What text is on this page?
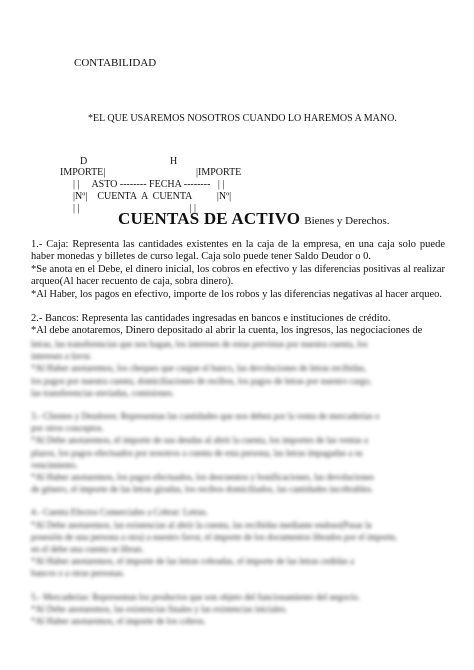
CONTABILIDAD
*EL QUE USAREMOS NOSOTROS CUANDO LO HAREMOS A MANO.
D	H
IMPORTE|	|IMPORTE
| |     ASTO -------- FECHA --------   | |
|Nº|    CUENTA  A  CUENTA          |Nº|
| |                                            | |
CUENTAS DE ACTIVO Bienes y Derechos.

1.- Caja: Representa las cantidades existentes en la caja de la empresa, en una caja solo puede haber monedas y billetes de curso legal. Caja solo puede tener Saldo Deudor o 0.

*Se anota en el Debe, el dinero inicial, los cobros en efectivo y las diferencias positivas al realizar arqueo(Al hacer recuento de caja, sobra dinero).

*Al Haber, los pagos en efectivo, importe de los robos y las diferencias negativas al hacer arqueo.

2.- Bancos: Representa las cantidades ingresadas en bancos e instituciones de crédito.

*Al debe anotaremos, Dinero depositado al abrir la cuenta, los ingresos, las negociaciones de

letras, las transferencias que nos hagan, los intereses de estas previstas por nuestra cuenta, los

intereses a favor.

*Al Haber anotaremos, los cheques que cargue el banco, las devoluciones de letras recibidas,

los pagos por nuestra cuenta, domiciliaciones de recibos, los pagos de letras por nuestro cargo,

las transferencias enviadas, comisiones.

3.- Clientes y Deudores: Representan las cantidades que nos deben por la venta de mercaderías o

por otros conceptos.

*Al Debe anotaremos, el importe de sus deudas al abrir la cuenta, los importes de las ventas a

plazos, los pagos efectuados por nosotros a cuenta de esta persona, las letras impagadas a su

vencimiento.

*Al Haber anotaremos, los pagos efectuados, los descuentos y bonificaciones, las devoluciones

de género, el importe de las letras giradas, los recibos domiciliados, las cantidades incobrables.

4.- Cuenta Efectos Comerciales a Cobrar: Letras.

*Al Debe anotaremos, las existencias al abrir la cuenta, las recibidas mediante endoso(Pasar la

posesión de una persona a otra) a nuestro favor, el importe de los documentos librados por el importe,

en el debe una cuenta se libran.

*Al Haber anotaremos, el importe de las letras cobradas, el importe de las letras cedidas a

bancos o a otras personas.

5.- Mercaderías: Representan los productos que son objeto del funcionamiento del negocio.

*Al Debe anotaremos, las existencias finales y las existencias iniciales.

*Al Haber anotaremos, el importe de los cobros.
